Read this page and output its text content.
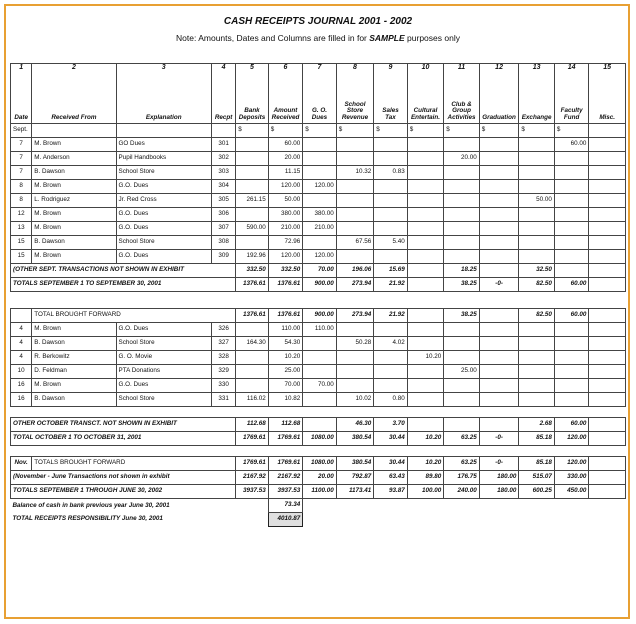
CASH RECEIPTS JOURNAL 2001 - 2002
Note: Amounts, Dates and Columns are filled in for SAMPLE purposes only
1	2	3	4	5	6	7	8	9	10	11	12	13	14	15
Date	Received From	Explanation	Recpt	Bank Deposits	Amount Received	G. O. Dues	School Store Revenue	Sales Tax	Cultural Entertain.	Club & Group Activities	Graduation	Exchange	Faculty Fund	Misc.
Sept.				$	$	$	$	$	$	$	$	$	$	
7	M. Brown	GO Dues	301		60.00								60.00	
7	M. Anderson	Pupil Handbooks	302		20.00					20.00				
7	B. Dawson	School Store	303		11.15		10.32	0.83						
8	M. Brown	G.O. Dues	304		120.00	120.00								
8	L. Rodriguez	Jr. Red Cross	305	261.15	50.00							50.00		
12	M. Brown	G.O. Dues	306		380.00	380.00								
13	M. Brown	G.O. Dues	307	590.00	210.00	210.00								
15	B. Dawson	School Store	308		72.96		67.56	5.40						
15	M. Brown	G.O. Dues	309	192.96	120.00	120.00								
(OTHER SEPT. TRANSACTIONS NOT SHOWN IN EXHIBIT				332.50	332.50	70.00	196.06	15.69		18.25		32.50		
TOTALS SEPTEMBER 1 TO SEPTEMBER 30, 2001				1376.61	1376.61	900.00	273.94	21.92		38.25	-0-	82.50	60.00	

	TOTAL BROUGHT FORWARD			1376.61	1376.61	900.00	273.94	21.92		38.25		82.50	60.00	
4	M. Brown	G.O. Dues	326		110.00	110.00								
4	B. Dawson	School Store	327	164.30	54.30		50.28	4.02						
4	R. Berkowitz	G. O. Movie	328		10.20				10.20					
10	D. Feldman	PTA Donations	329		25.00					25.00				
16	M. Brown	G.O. Dues	330		70.00	70.00								
16	B. Dawson	School Store	331	116.02	10.82		10.02	0.80						

OTHER OCTOBER TRANSCT. NOT SHOWN IN EXHIBIT				112.68	112.68		46.30	3.70				2.68	60.00	
TOTAL OCTOBER 1 TO OCTOBER 31, 2001				1769.61	1769.61	1080.00	380.54	30.44	10.20	63.25	-0-	85.18	120.00	

Nov.	TOTALS BROUGHT FORWARD			1769.61	1769.61	1080.00	380.54	30.44	10.20	63.25	-0-	85.18	120.00	
(November - June Transactions not shown in exhibit				2167.92	2167.92	20.00	792.87	63.43	89.80	176.75	180.00	515.07	330.00	
TOTALS SEPTEMBER 1 THROUGH JUNE 30, 2002				3937.53	3937.53	1100.00	1173.41	93.87	100.00	240.00	180.00	600.25	450.00	
Balance of cash in bank previous year June 30, 2001					73.34									
TOTAL RECEIPTS RESPONSIBILITY June 30, 2001					4010.87									
